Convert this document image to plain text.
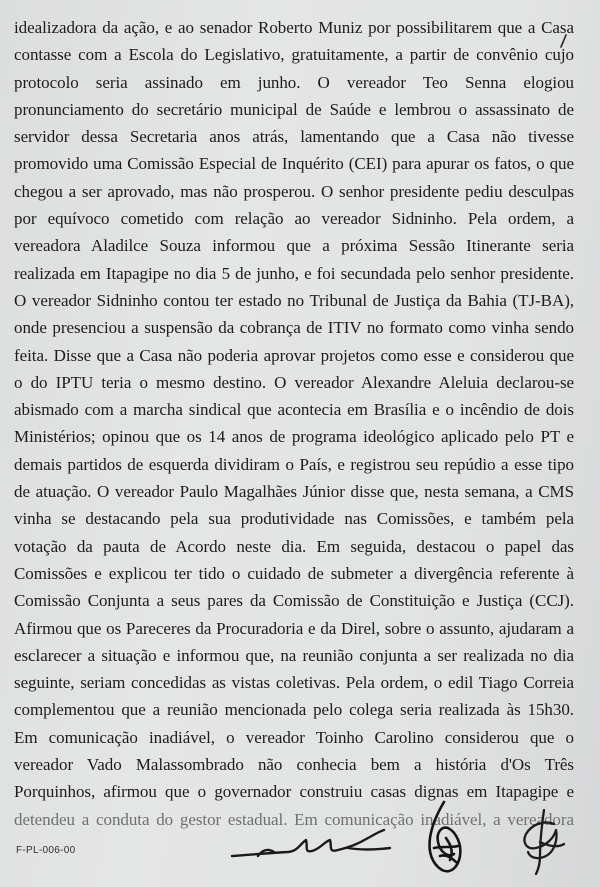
idealizadora da ação, e ao senador Roberto Muniz por possibilitarem que a Casa
contasse com a Escola do Legislativo, gratuitamente, a partir de convênio cujo
protocolo seria assinado em junho. O vereador Teo Senna elogiou
pronunciamento do secretário municipal de Saúde e lembrou o assassinato de
servidor dessa Secretaria anos atrás, lamentando que a Casa não tivesse
promovido uma Comissão Especial de Inquérito (CEI) para apurar os fatos, o que
chegou a ser aprovado, mas não prosperou. O senhor presidente pediu desculpas
por equívoco cometido com relação ao vereador Sidninho. Pela ordem, a
vereadora Aladilce Souza informou que a próxima Sessão Itinerante seria
realizada em Itapagipe no dia 5 de junho, e foi secundada pelo senhor presidente.
O vereador Sidninho contou ter estado no Tribunal de Justiça da Bahia (TJ-BA),
onde presenciou a suspensão da cobrança de ITIV no formato como vinha sendo
feita. Disse que a Casa não poderia aprovar projetos como esse e considerou que
o do IPTU teria o mesmo destino. O vereador Alexandre Aleluia declarou-se
abismado com a marcha sindical que acontecia em Brasília e o incêndio de dois
Ministérios; opinou que os 14 anos de programa ideológico aplicado pelo PT e
demais partidos de esquerda dividiram o País, e registrou seu repúdio a esse tipo
de atuação. O vereador Paulo Magalhães Júnior disse que, nesta semana, a CMS
vinha se destacando pela sua produtividade nas Comissões, e também pela
votação da pauta de Acordo neste dia. Em seguida, destacou o papel das
Comissões e explicou ter tido o cuidado de submeter a divergência referente à
Comissão Conjunta a seus pares da Comissão de Constituição e Justiça (CCJ).
Afirmou que os Pareceres da Procuradoria e da Direl, sobre o assunto, ajudaram a
esclarecer a situação e informou que, na reunião conjunta a ser realizada no dia
seguinte, seriam concedidas as vistas coletivas. Pela ordem, o edil Tiago Correia
complementou que a reunião mencionada pelo colega seria realizada às 15h30.
Em comunicação inadiável, o vereador Toinho Carolino considerou que o
vereador Vado Malassombrado não conhecia bem a história d'Os Três
Porquinhos, afirmou que o governador construiu casas dignas em Itapagipe e
detendeu a conduta do gestor estadual. Em comunicação inadiável, a vereadora
F-PL-006-00
